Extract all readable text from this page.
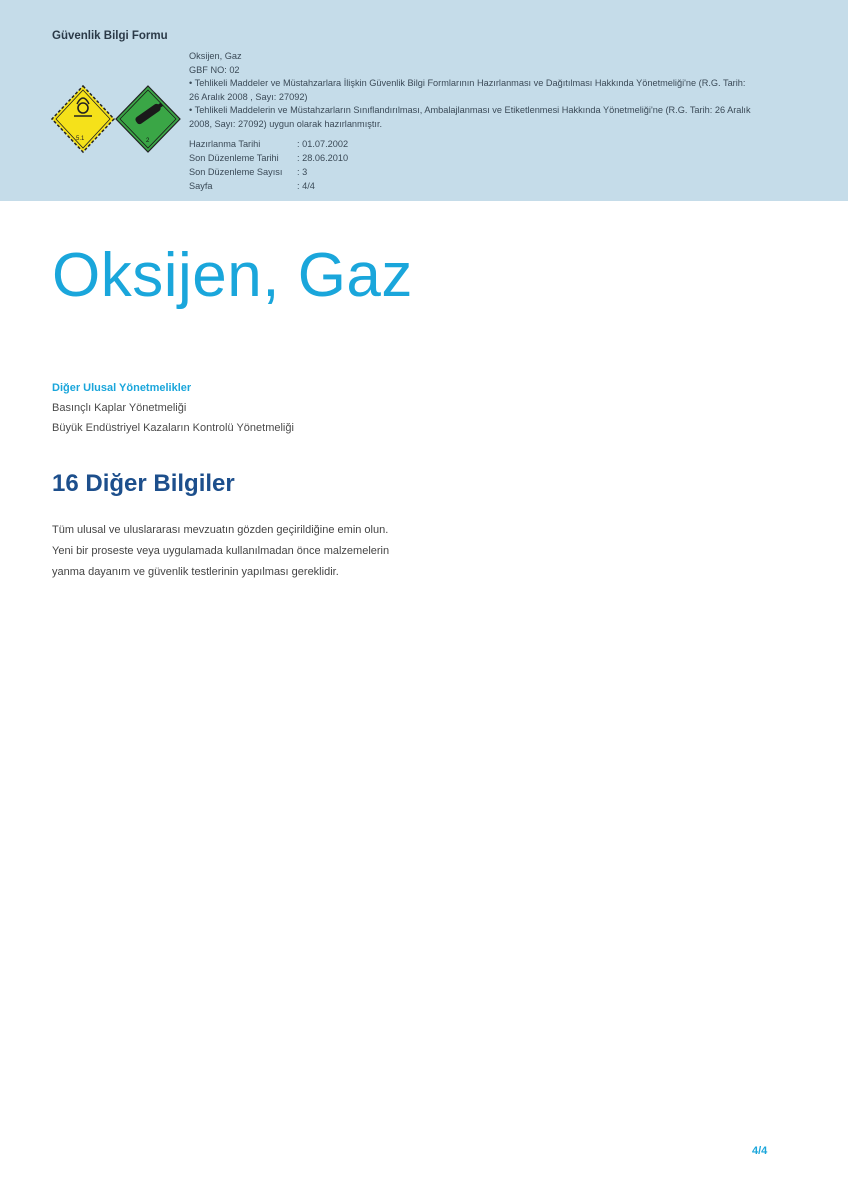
Güvenlik Bilgi Formu
5.1	2
Oksijen, Gaz
GBF NO: 02
• Tehlikeli Maddeler ve Müstahzarlara İlişkin Güvenlik Bilgi Formlarının Hazırlanması ve Dağıtılması Hakkında Yönetmeliği'ne (R.G. Tarih:
26 Aralık 2008 , Sayı: 27092)
• Tehlikeli Maddelerin ve Müstahzarların Sınıflandırılması, Ambalajlanması ve Etiketlenmesi Hakkında Yönetmeliği'ne (R.G. Tarih: 26 Aralık
2008, Sayı: 27092) uygun olarak hazırlanmıştır.
Hazırlanma Tarihi	: 01.07.2002
Son Düzenleme Tarihi	: 28.06.2010
Son Düzenleme Sayısı	: 3
Sayfa	: 4/4
Oksijen, Gaz
Diğer Ulusal Yönetmelikler
Basınçlı Kaplar Yönetmeliği
Büyük Endüstriyel Kazaların Kontrolü Yönetmeliği
16 Diğer Bilgiler
Tüm ulusal ve uluslararası mevzuatın gözden geçirildiğine emin olun.
Yeni bir proseste veya uygulamada kullanılmadan önce malzemelerin
yanma dayanım ve güvenlik testlerinin yapılması gereklidir.
4/4
